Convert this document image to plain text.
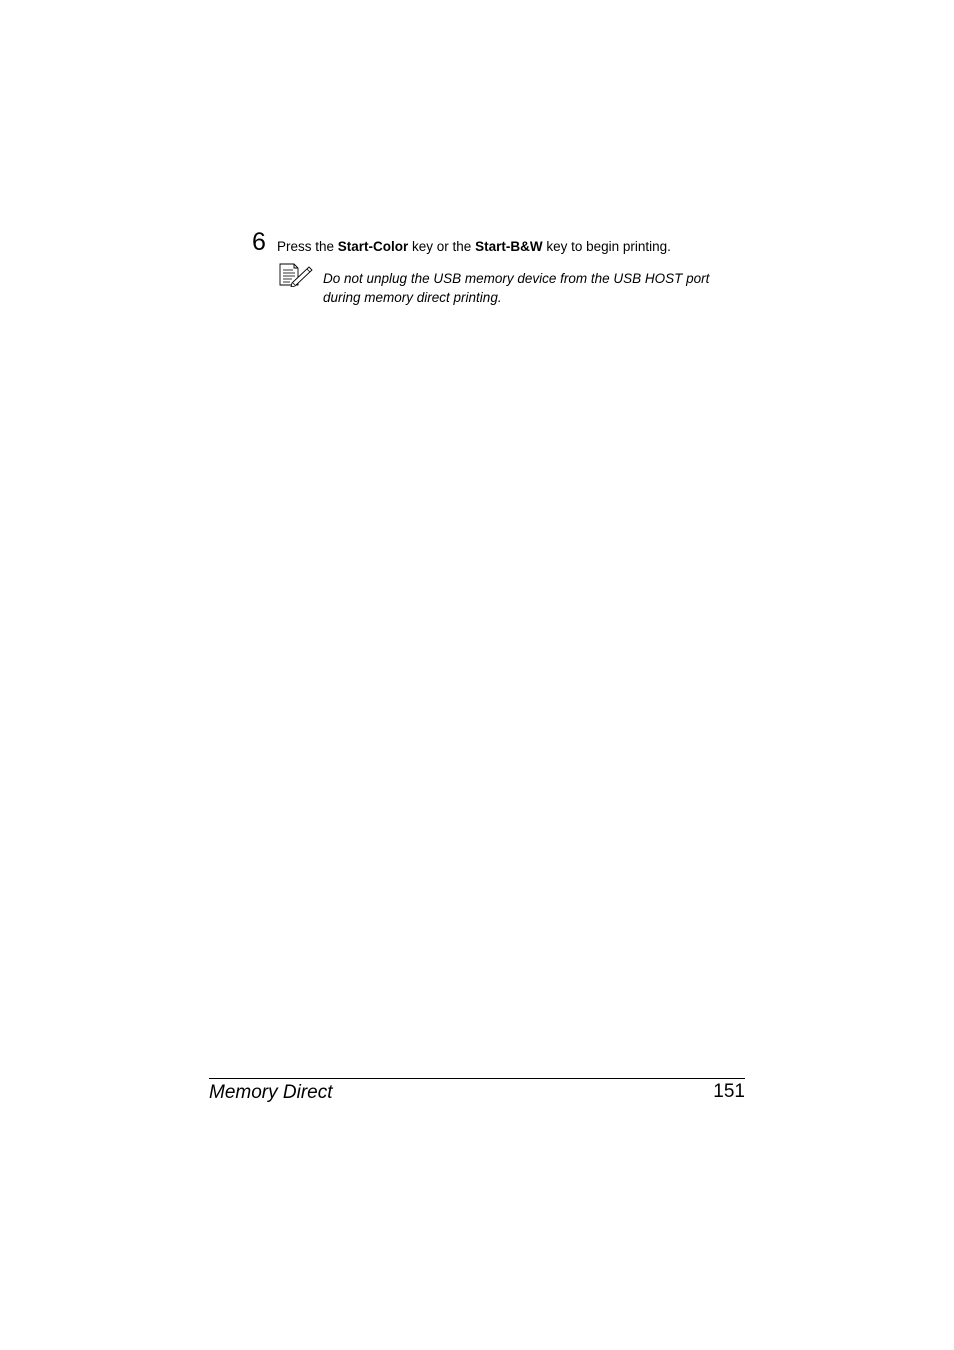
6 Press the Start-Color key or the Start-B&W key to begin printing.
Do not unplug the USB memory device from the USB HOST port
during memory direct printing.
Memory Direct	151
